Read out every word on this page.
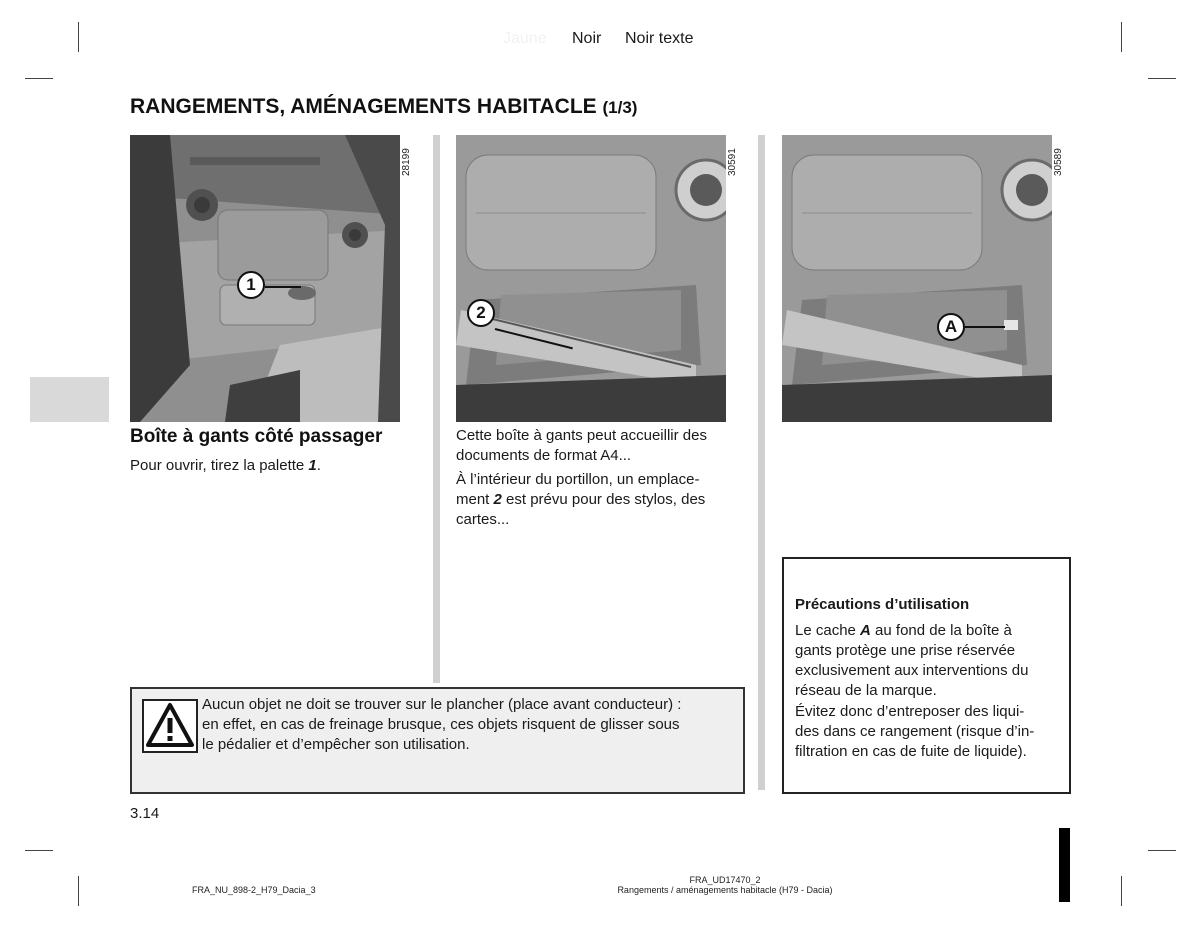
Jaune Noir Noir texte
RANGEMENTS, AMÉNAGEMENTS HABITACLE (1/3)
1
28199
2
30591
A
30589
Boîte à gants côté passager
Pour ouvrir, tirez la palette 1.
Cette boîte à gants peut accueillir des
documents de format A4...
À l’intérieur du portillon, un emplace-
ment 2 est prévu pour des stylos, des
cartes...
Aucun objet ne doit se trouver sur le plancher (place avant conducteur) :
en effet, en cas de freinage brusque, ces objets risquent de glisser sous
le pédalier et d’empêcher son utilisation.
Précautions d’utilisation
Le cache A au fond de la boîte à
gants protège une prise réservée
exclusivement aux interventions du
réseau de la marque.
Évitez donc d’entreposer des liqui-
des dans ce rangement (risque d’in-
filtration en cas de fuite de liquide).
3.14
FRA_NU_898-2_H79_Dacia_3
FRA_UD17470_2
Rangements / aménagements habitacle (H79 - Dacia)
